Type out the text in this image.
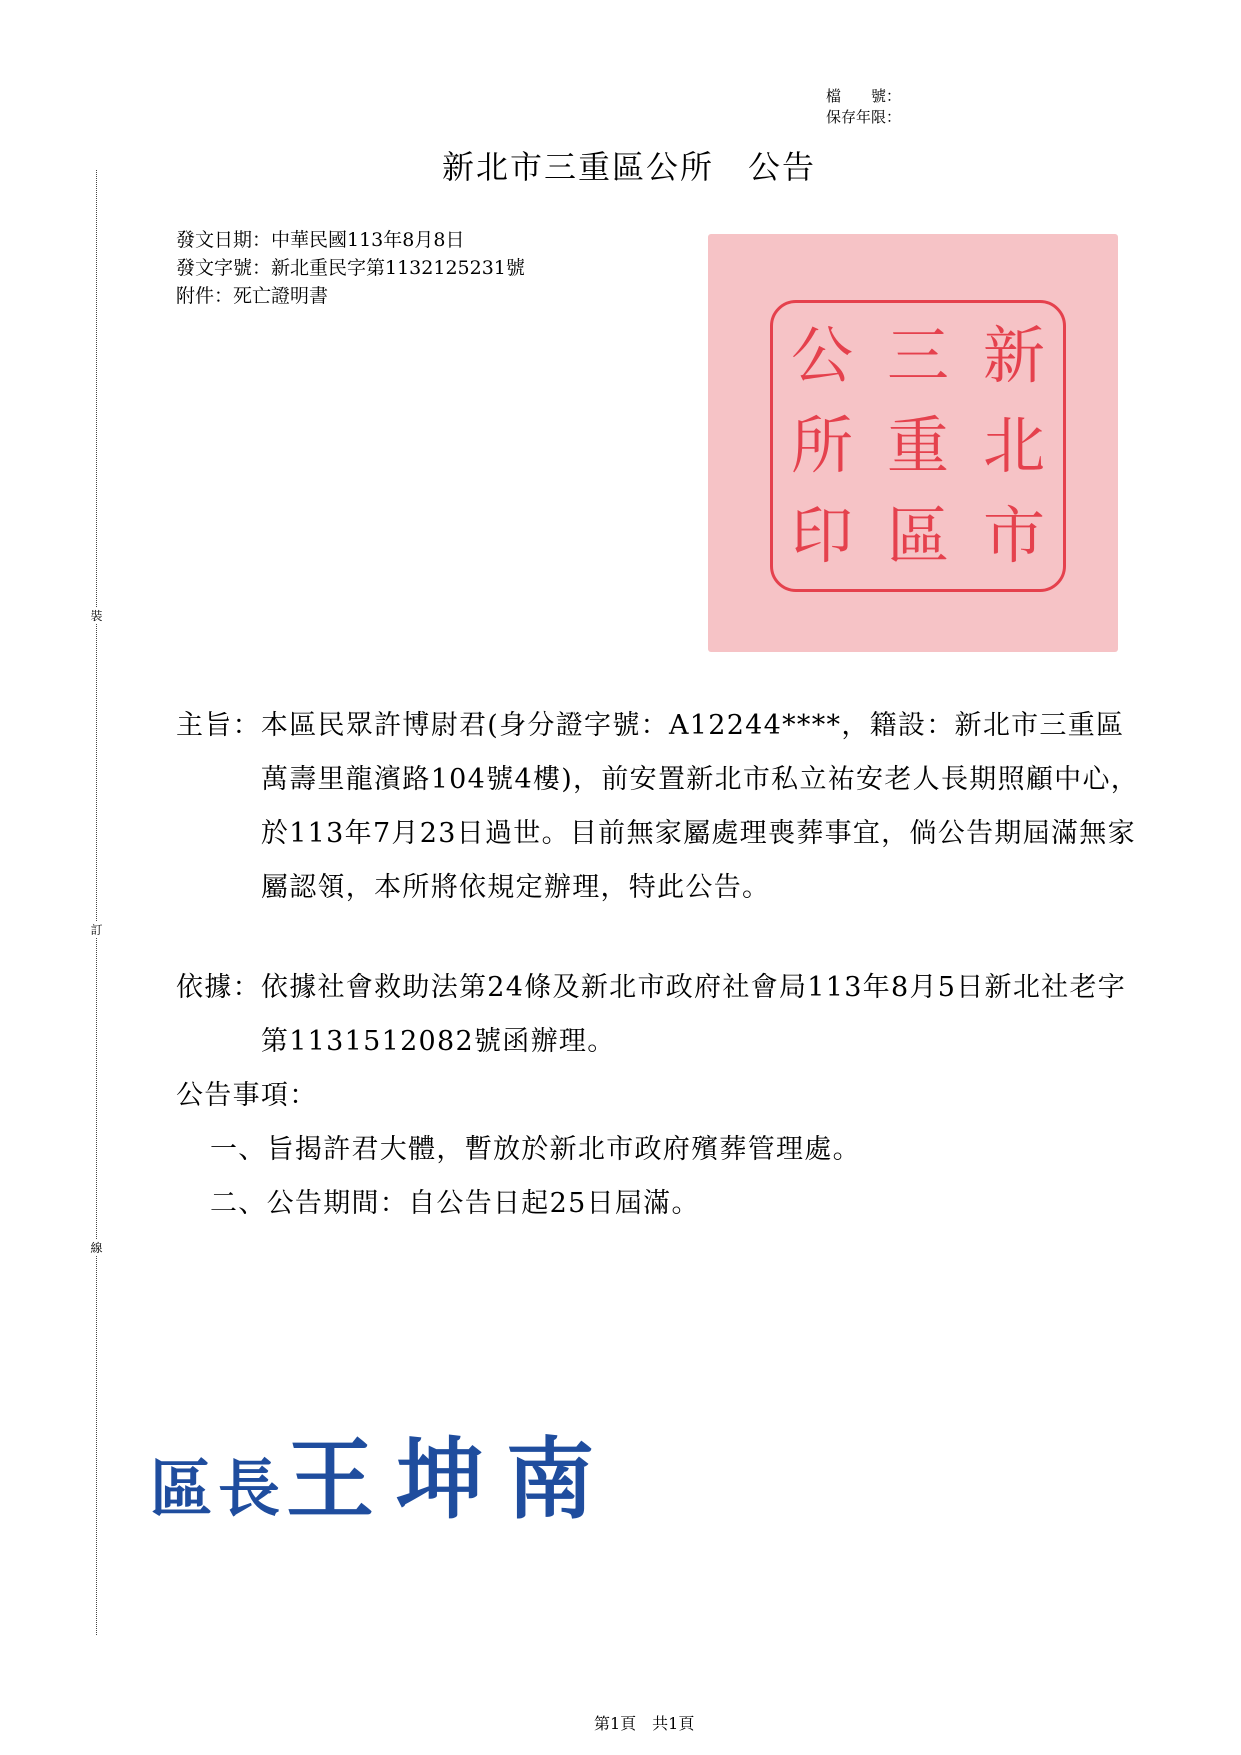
檔　　號：
保存年限：
新北市三重區公所　公告
發文日期：中華民國113年8月8日
發文字號：新北重民字第1132125231號
附件：死亡證明書
新
北
市
三
重
區
公
所
印
裝
訂
線
主旨： 本區民眾許博尉君(身分證字號：A12244****，籍設：新北市三重區萬壽里龍濱路104號4樓)，前安置新北市私立祐安老人長期照顧中心，於113年7月23日過世。目前無家屬處理喪葬事宜，倘公告期屆滿無家屬認領，本所將依規定辦理，特此公告。
依據： 依據社會救助法第24條及新北市政府社會局113年8月5日新北社老字第1131512082號函辦理。
公告事項：
一、 旨揭許君大體，暫放於新北市政府殯葬管理處。
二、 公告期間：自公告日起25日屆滿。
區長王坤南
第1頁　共1頁
